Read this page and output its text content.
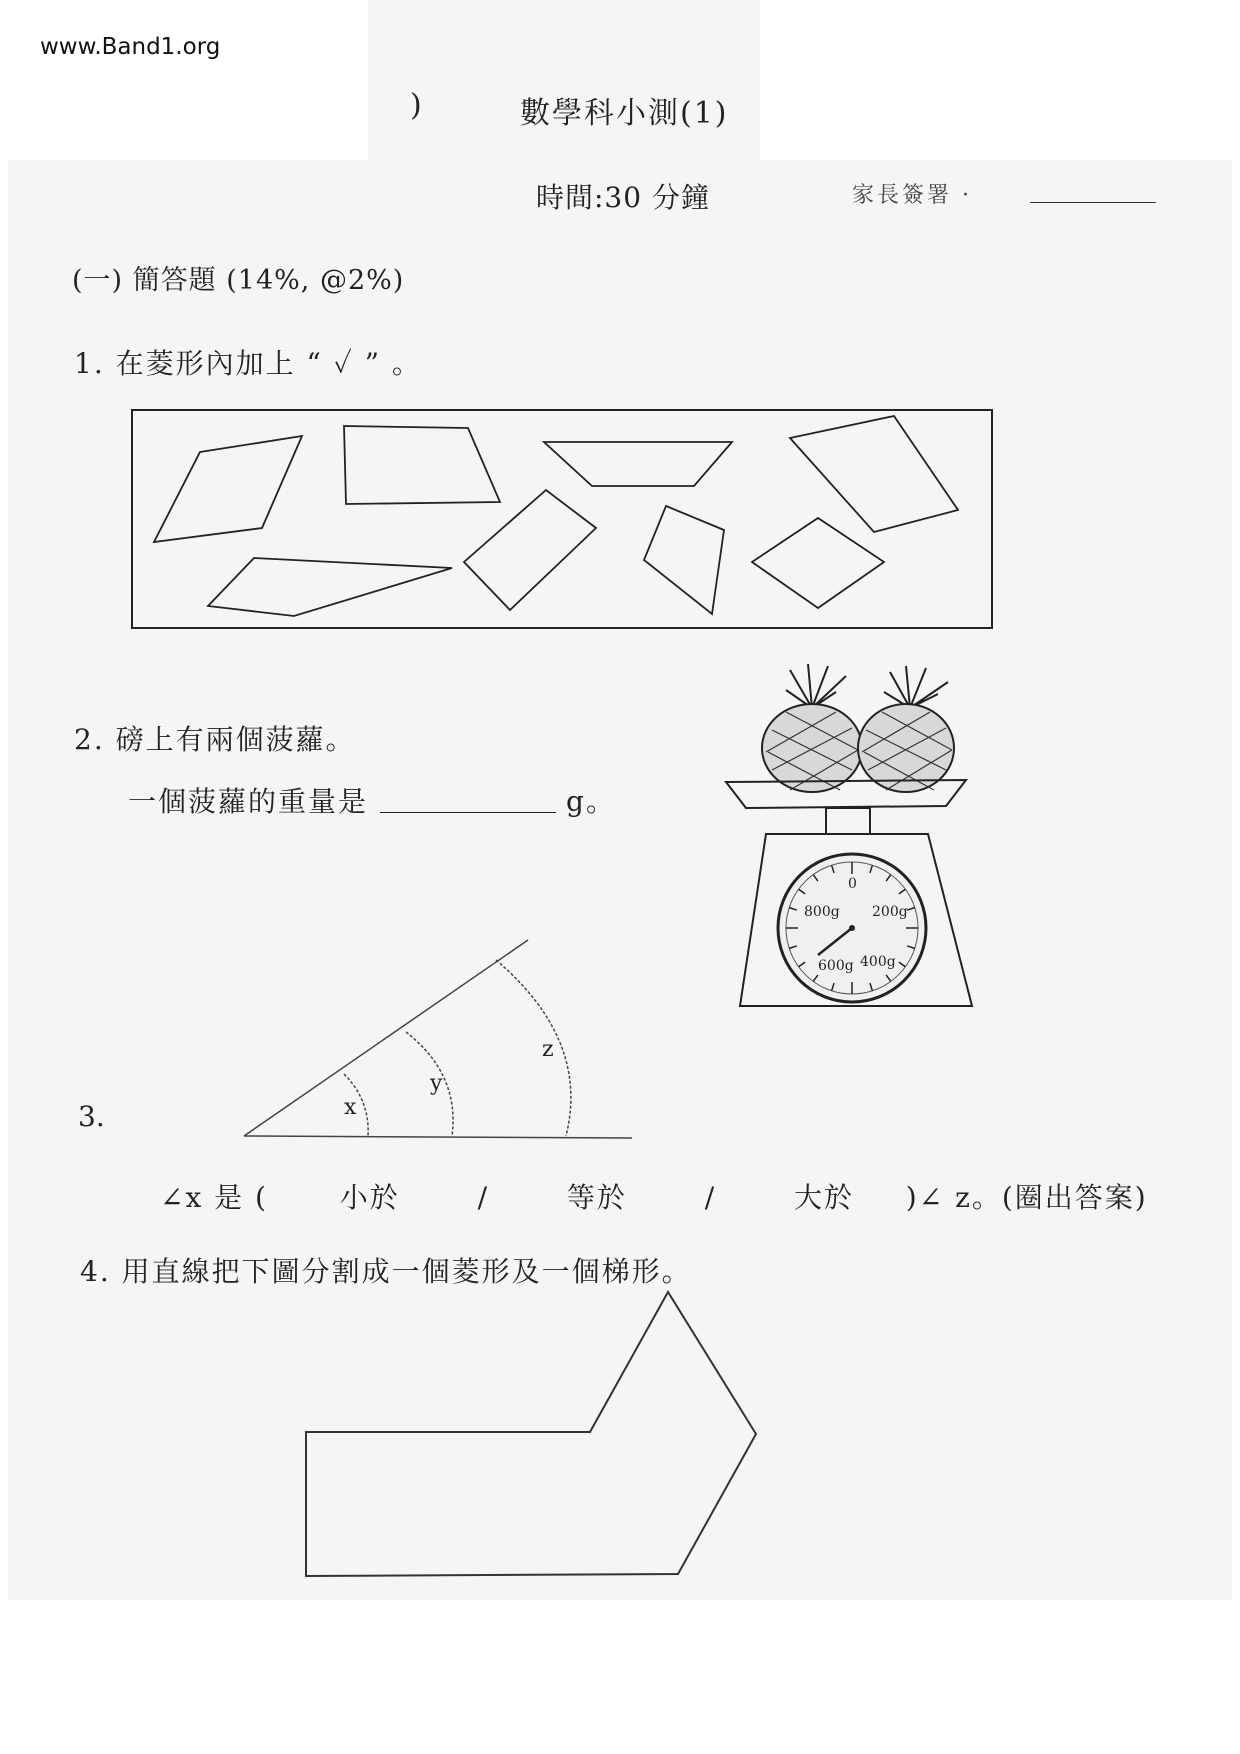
www.Band1.org
)	數學科小測(1)
時間:30 分鐘	家長簽署 ·
(一) 簡答題 (14%, @2%)
1. 在菱形內加上 “ ✓ ” 。
2. 磅上有兩個菠蘿。
一個菠蘿的重量是	g。
0
200g
400g
600g
800g
3.	x
y
z
∠x 是 (	小於	/	等於	/	大於 )∠ z。(圈出答案)
4. 用直線把下圖分割成一個菱形及一個梯形。
